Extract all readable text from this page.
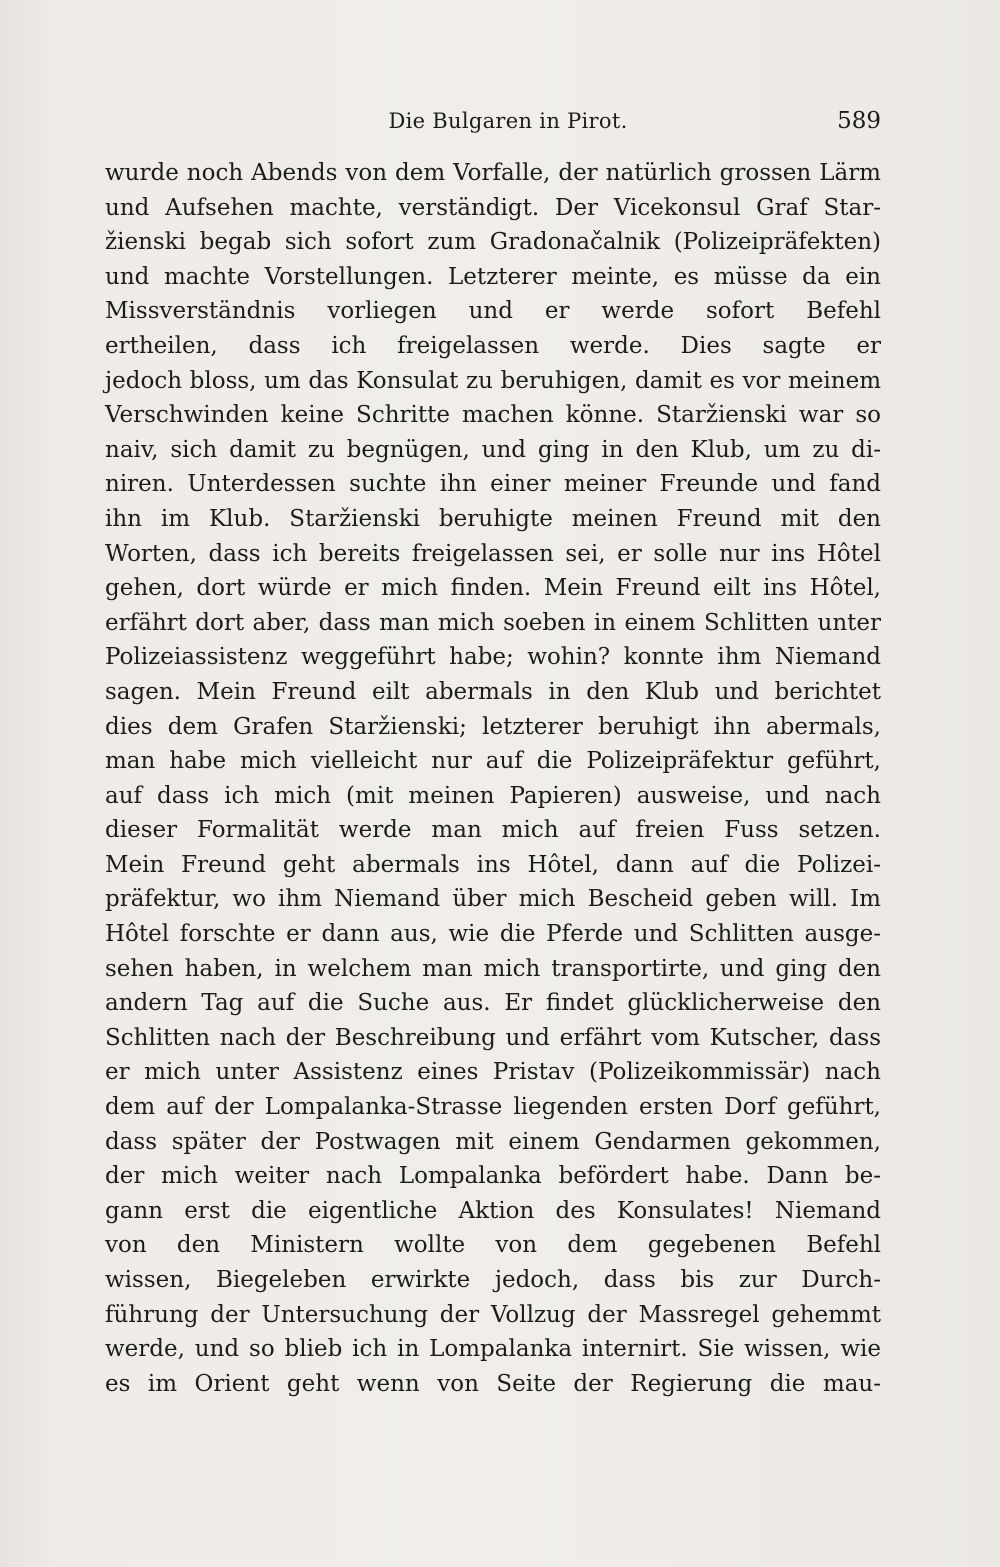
Die Bulgaren in Pirot.	589
wurde noch Abends von dem Vorfalle, der natürlich grossen Lärm
und Aufsehen machte, verständigt. Der Vicekonsul Graf Star-
žienski begab sich sofort zum Gradonačalnik (Polizeipräfekten)
und machte Vorstellungen. Letzterer meinte, es müsse da ein
Missverständnis vorliegen und er werde sofort Befehl
ertheilen, dass ich freigelassen werde. Dies sagte er
jedoch bloss, um das Konsulat zu beruhigen, damit es vor meinem
Verschwinden keine Schritte machen könne. Staržienski war so
naiv, sich damit zu begnügen, und ging in den Klub, um zu di-
niren. Unterdessen suchte ihn einer meiner Freunde und fand
ihn im Klub. Staržienski beruhigte meinen Freund mit den
Worten, dass ich bereits freigelassen sei, er solle nur ins Hôtel
gehen, dort würde er mich finden. Mein Freund eilt ins Hôtel,
erfährt dort aber, dass man mich soeben in einem Schlitten unter
Polizeiassistenz weggeführt habe; wohin? konnte ihm Niemand
sagen. Mein Freund eilt abermals in den Klub und berichtet
dies dem Grafen Staržienski; letzterer beruhigt ihn abermals,
man habe mich vielleicht nur auf die Polizeipräfektur geführt,
auf dass ich mich (mit meinen Papieren) ausweise, und nach
dieser Formalität werde man mich auf freien Fuss setzen.
Mein Freund geht abermals ins Hôtel, dann auf die Polizei-
präfektur, wo ihm Niemand über mich Bescheid geben will. Im
Hôtel forschte er dann aus, wie die Pferde und Schlitten ausge-
sehen haben, in welchem man mich transportirte, und ging den
andern Tag auf die Suche aus. Er findet glücklicherweise den
Schlitten nach der Beschreibung und erfährt vom Kutscher, dass
er mich unter Assistenz eines Pristav (Polizeikommissär) nach
dem auf der Lompalanka-Strasse liegenden ersten Dorf geführt,
dass später der Postwagen mit einem Gendarmen gekommen,
der mich weiter nach Lompalanka befördert habe. Dann be-
gann erst die eigentliche Aktion des Konsulates! Niemand
von den Ministern wollte von dem gegebenen Befehl
wissen, Biegeleben erwirkte jedoch, dass bis zur Durch-
führung der Untersuchung der Vollzug der Massregel gehemmt
werde, und so blieb ich in Lompalanka internirt. Sie wissen, wie
es im Orient geht wenn von Seite der Regierung die mau-
